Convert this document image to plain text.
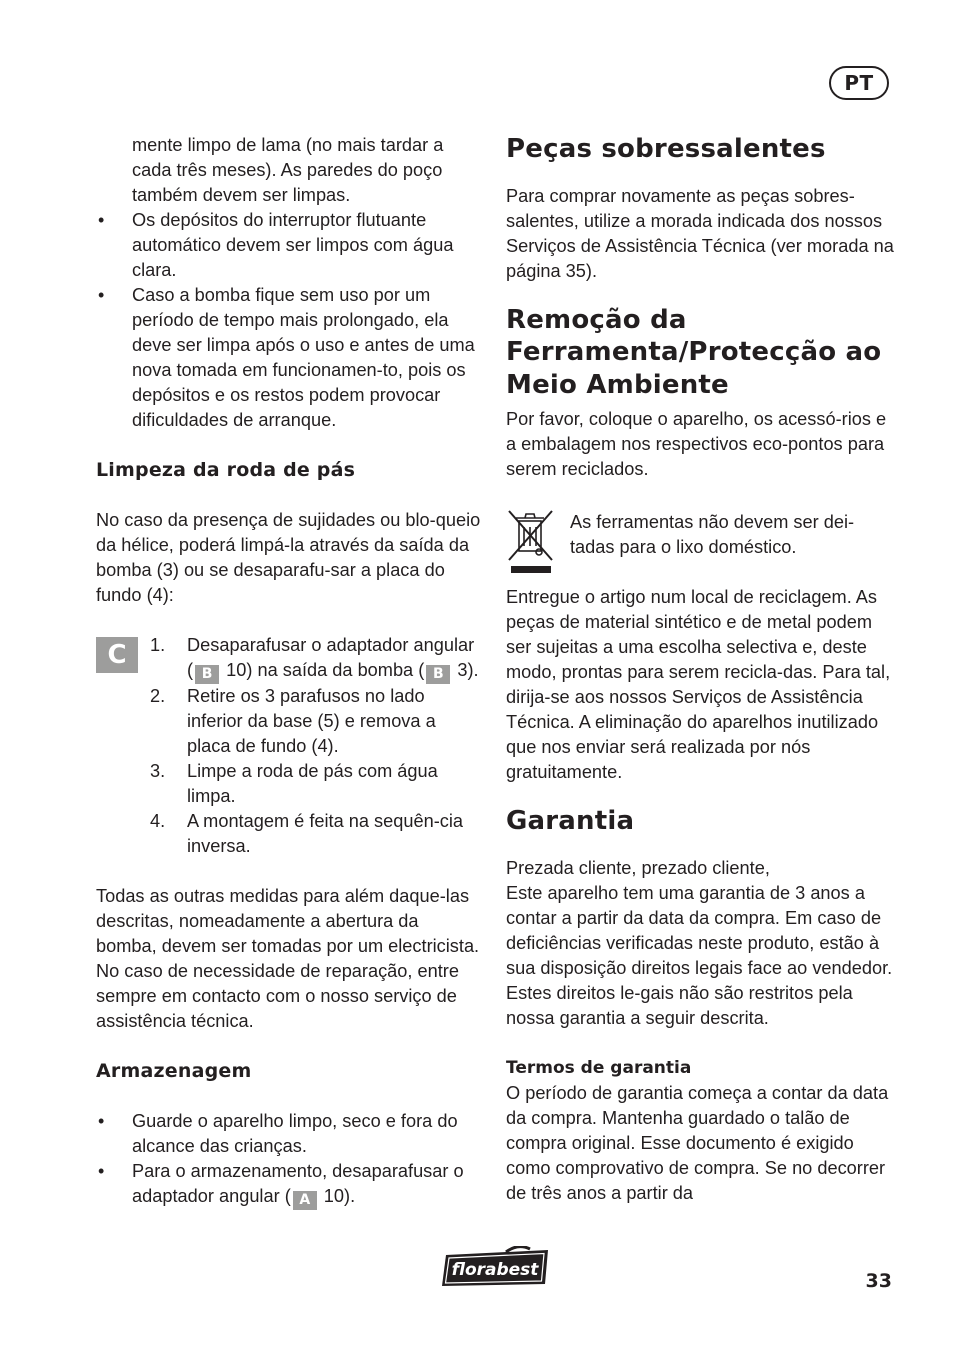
PT

mente limpo de lama (no mais tardar a cada três meses). As paredes do poço também devem ser limpas.

• Os depósitos do interruptor flutuante automático devem ser limpos com água clara.
• Caso a bomba fique sem uso por um período de tempo mais prolongado, ela deve ser limpa após o uso e antes de uma nova tomada em funcionamen-to, pois os depósitos e os restos podem provocar dificuldades de arranque.
Limpeza da roda de pás

No caso da presença de sujidades ou blo-queio da hélice, poderá limpá-la através da saída da bomba (3) ou se desaparafu-sar a placa do fundo (4):

C	1. Desaparafusar o adaptador angular ( B 10) na saída da bomba ( B 3).
2. Retire os 3 parafusos no lado inferior da base (5) e remova a placa de fundo (4).
3. Limpe a roda de pás com água limpa.
4. A montagem é feita na sequên-cia inversa.

Todas as outras medidas para além daque-las descritas, nomeadamente a abertura da bomba, devem ser tomadas por um electricista. No caso de necessidade de reparação, entre sempre em contacto com o nosso serviço de assistência técnica.

Armazenagem
• Guarde o aparelho limpo, seco e fora do alcance das crianças.
• Para o armazenamento, desaparafusar o adaptador angular ( A 10).
Peças sobressalentes

Para comprar novamente as peças sobres-salentes, utilize a morada indicada dos nossos Serviços de Assistência Técnica (ver morada na página 35).

Remoção da Ferramenta/Protecção ao Meio Ambiente

Por favor, coloque o aparelho, os acessó-rios e a embalagem nos respectivos eco-pontos para serem reciclados.

As ferramentas não devem ser dei-tadas para o lixo doméstico.

Entregue o artigo num local de reciclagem. As peças de material sintético e de metal podem ser sujeitas a uma escolha selectiva e, deste modo, prontas para serem recicla-das. Para tal, dirija-se aos nossos Serviços de Assistência Técnica. A eliminação do aparelhos inutilizado que nos enviar será realizada por nós gratuitamente.

Garantia

Prezada cliente, prezado cliente,

Este aparelho tem uma garantia de 3 anos a contar a partir da data da compra. Em caso de deficiências verificadas neste produto, estão à sua disposição direitos legais face ao vendedor. Estes direitos le-gais não são restritos pela nossa garantia a seguir descrita.

Termos de garantia

O período de garantia começa a contar da data da compra. Mantenha guardado o talão de compra original. Esse documento é exigido como comprovativo de compra. Se no decorrer de três anos a partir da

florabest	33
